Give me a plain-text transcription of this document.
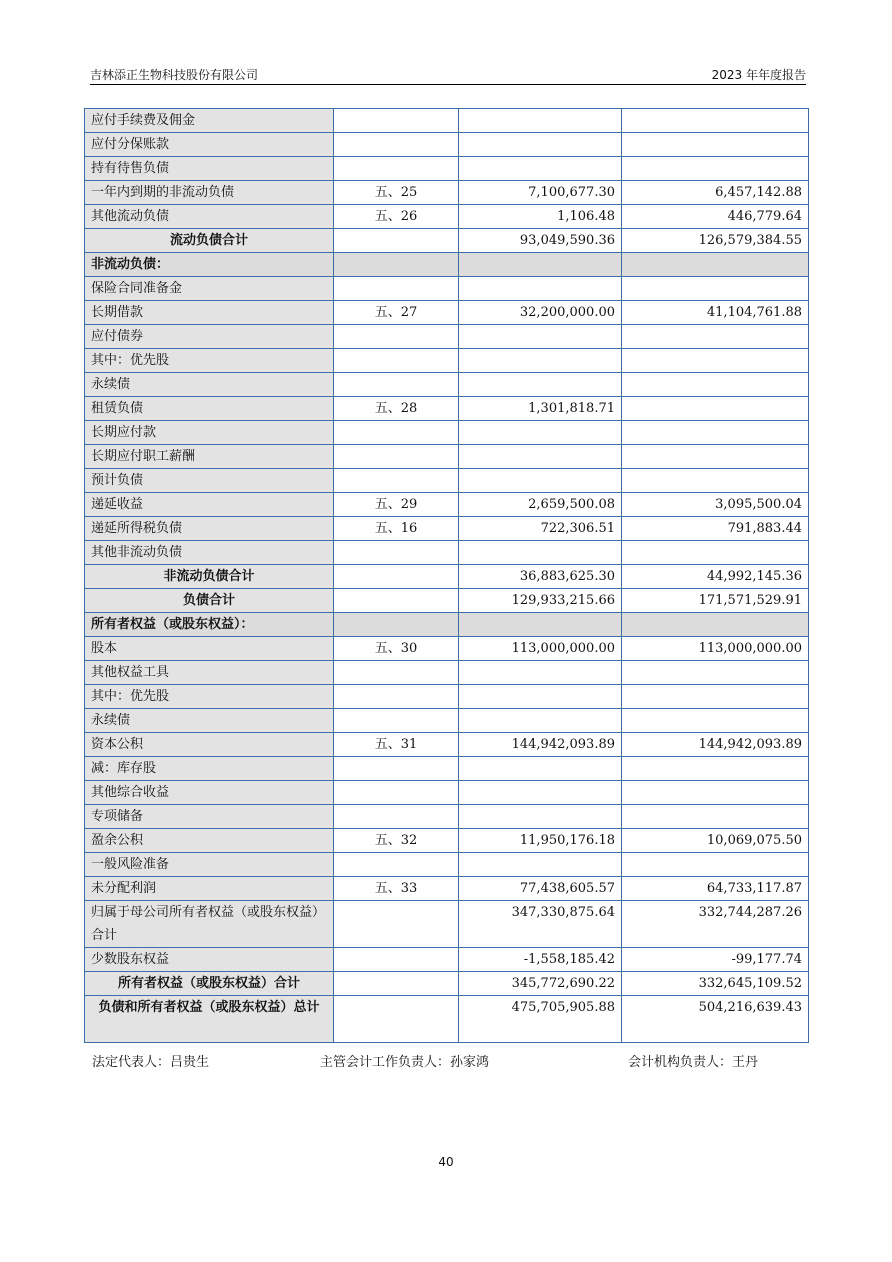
吉林添正生物科技股份有限公司	2023 年年度报告
应付手续费及佣金			
应付分保账款			
持有待售负债			
一年内到期的非流动负债	五、25	7,100,677.30	6,457,142.88
其他流动负债	五、26	1,106.48	446,779.64
流动负债合计		93,049,590.36	126,579,384.55
非流动负债：			
保险合同准备金			
长期借款	五、27	32,200,000.00	41,104,761.88
应付债券			
其中：优先股			
永续债			
租赁负债	五、28	1,301,818.71	
长期应付款			
长期应付职工薪酬			
预计负债			
递延收益	五、29	2,659,500.08	3,095,500.04
递延所得税负债	五、16	722,306.51	791,883.44
其他非流动负债			
非流动负债合计		36,883,625.30	44,992,145.36
负债合计		129,933,215.66	171,571,529.91
所有者权益（或股东权益）：			
股本	五、30	113,000,000.00	113,000,000.00
其他权益工具			
其中：优先股			
永续债			
资本公积	五、31	144,942,093.89	144,942,093.89
减：库存股			
其他综合收益			
专项储备			
盈余公积	五、32	11,950,176.18	10,069,075.50
一般风险准备			
未分配利润	五、33	77,438,605.57	64,733,117.87
归属于母公司所有者权益（或股东权益）合计		347,330,875.64	332,744,287.26
少数股东权益		-1,558,185.42	-99,177.74
所有者权益（或股东权益）合计		345,772,690.22	332,645,109.52
负债和所有者权益（或股东权益）总计		475,705,905.88	504,216,639.43
法定代表人：吕贵生	主管会计工作负责人：孙家鸿	会计机构负责人：王丹
40
